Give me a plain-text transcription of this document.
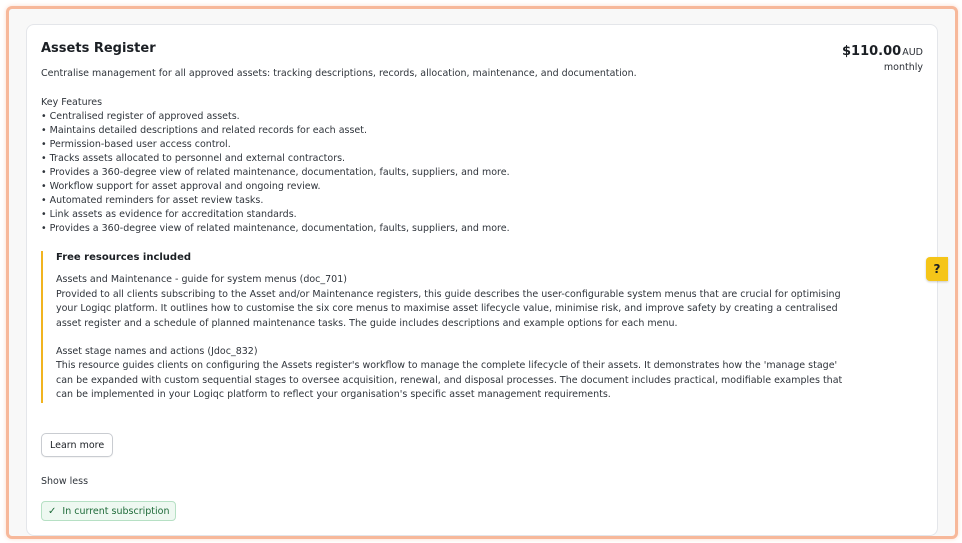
Assets Register	$110.00AUD
monthly
Centralise management for all approved assets: tracking descriptions, records, allocation, maintenance, and documentation.
Key Features
• Centralised register of approved assets.
• Maintains detailed descriptions and related records for each asset.
• Permission-based user access control.
• Tracks assets allocated to personnel and external contractors.
• Provides a 360-degree view of related maintenance, documentation, faults, suppliers, and more.
• Workflow support for asset approval and ongoing review.
• Automated reminders for asset review tasks.
• Link assets as evidence for accreditation standards.
• Provides a 360-degree view of related maintenance, documentation, faults, suppliers, and more.
Free resources included
Assets and Maintenance - guide for system menus (doc_701)
Provided to all clients subscribing to the Asset and/or Maintenance registers, this guide describes the user-configurable system menus that are crucial for optimising your Logiqc platform. It outlines how to customise the six core menus to maximise asset lifecycle value, minimise risk, and improve safety by creating a centralised asset register and a schedule of planned maintenance tasks. The guide includes descriptions and example options for each menu.
Asset stage names and actions (Jdoc_832)
This resource guides clients on configuring the Assets register's workflow to manage the complete lifecycle of their assets. It demonstrates how the 'manage stage' can be expanded with custom sequential stages to oversee acquisition, renewal, and disposal processes. The document includes practical, modifiable examples that can be implemented in your Logiqc platform to reflect your organisation's specific asset management requirements.
Learn more
Show less
✓ In current subscription
?
